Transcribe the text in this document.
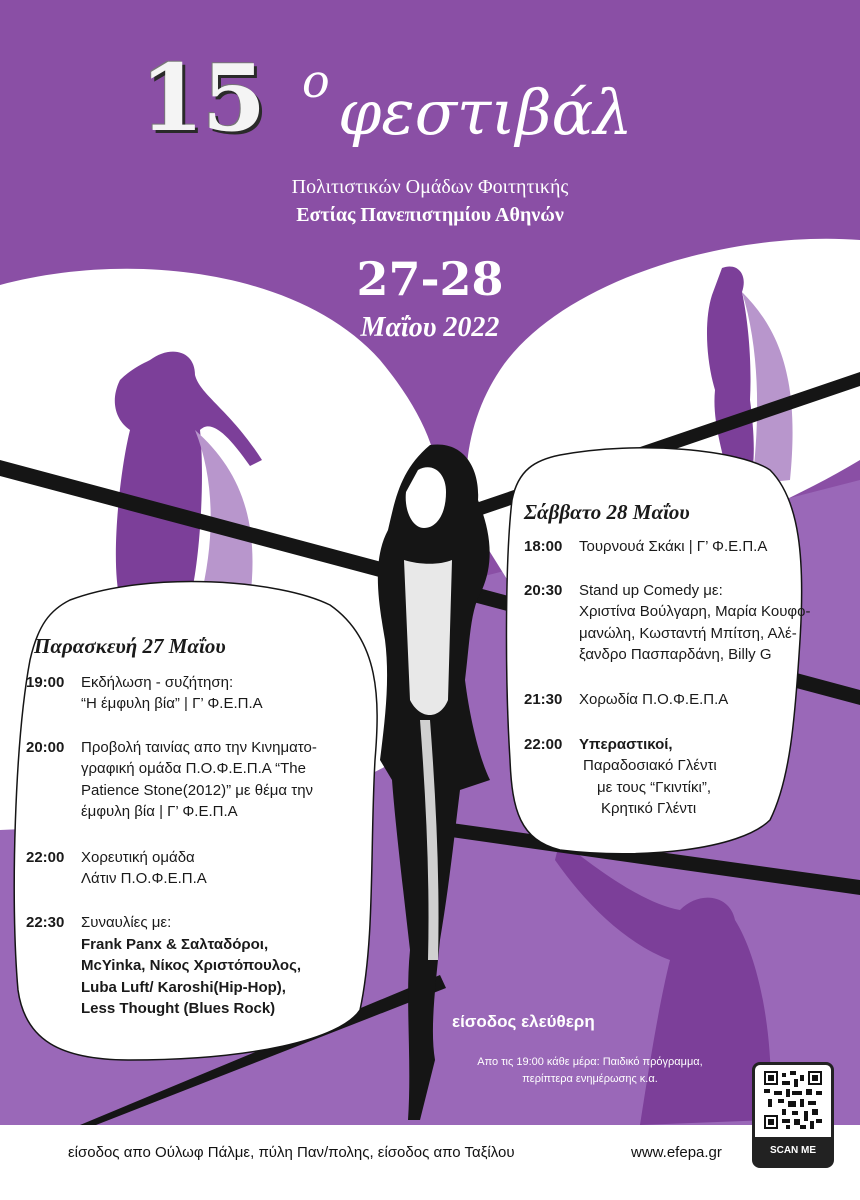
15 ο φεστιβάλ
Πολιτιστικών Ομάδων Φοιτητικής
Εστίας Πανεπιστημίου Αθηνών
27-28
Μαΐου 2022
Παρασκευή 27 Μαΐου
19:00 Εκδήλωση - συζήτηση:
“Η έμφυλη βία” | Γ’ Φ.Ε.Π.Α
20:00 Προβολή ταινίας απο την Κινηματο-
γραφική ομάδα Π.Ο.Φ.Ε.Π.Α “The
Patience Stone(2012)” με θέμα την
έμφυλη βία | Γ’ Φ.Ε.Π.Α
22:00 Χορευτική ομάδα
Λάτιν Π.Ο.Φ.Ε.Π.Α
22:30 Συναυλίες με:
Frank Panx & Σαλταδόροι,
McYinka, Νίκος Χριστόπουλος,
Luba Luft/ Karoshi(Hip-Hop),
Less Thought (Blues Rock)
Σάββατο 28 Μαΐου
18:00 Τουρνουά Σκάκι | Γ’ Φ.Ε.Π.Α
20:30 Stand up Comedy με:
Χριστίνα Βούλγαρη, Μαρία Κουφο-
μανώλη, Κωσταντή Μπίτση, Αλέ-
ξανδρο Πασπαρδάνη, Billy G
21:30 Χορωδία Π.Ο.Φ.Ε.Π.Α
22:00 Υπεραστικοί,
Παραδοσιακό Γλέντι
με τους “Γκιντίκι”,
Κρητικό Γλέντι
είσοδος ελεύθερη
Απο τις 19:00 κάθε μέρα: Παιδικό πρόγραμμα,
περίπτερα ενημέρωσης κ.α.
είσοδος απο Ούλωφ Πάλμε, πύλη Παν/πολης, είσοδος απο Ταξίλου	www.efepa.gr	SCAN ME
